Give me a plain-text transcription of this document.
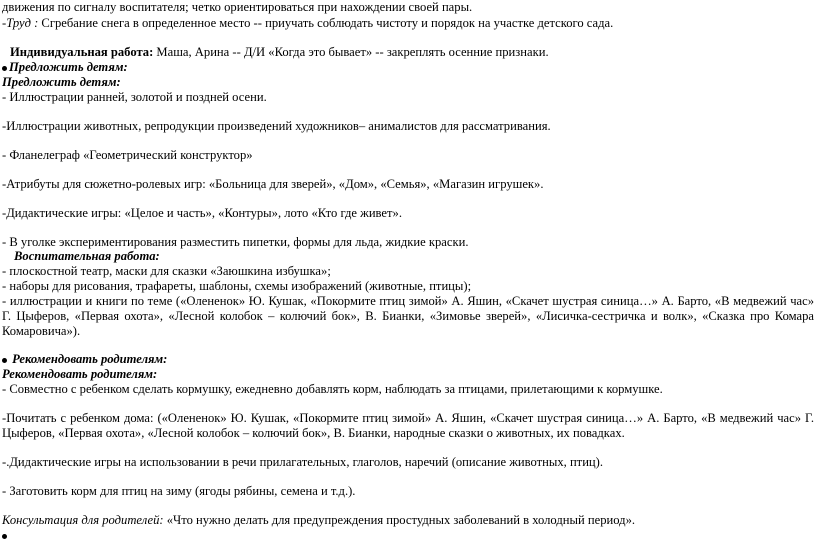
движения по сигналу воспитателя; четко ориентироваться при нахождении своей пары.
-Труд : Сгребание снега в определенное место -- приучать соблюдать чистоту и порядок на участке детского сада.
Индивидуальная работа: Маша, Арина -- Д/И «Когда это бывает» -- закреплять осенние признаки.
Предложить детям:
Предложить детям:
- Иллюстрации ранней, золотой и поздней осени.
-Иллюстрации животных, репродукции произведений художников– анималистов для рассматривания.
- Фланелеграф «Геометрический конструктор»
-Атрибуты для сюжетно-ролевых игр: «Больница для зверей», «Дом», «Семья», «Магазин игрушек».
-Дидактические игры: «Целое и часть», «Контуры», лото «Кто где живет».
- В уголке экспериментирования разместить пипетки, формы для льда, жидкие краски.
Воспитательная работа:
- плоскостной театр, маски для сказки «Заюшкина избушка»;
- наборы для рисования, трафареты, шаблоны, схемы изображений (животные, птицы);
- иллюстрации и книги по теме («Олененок» Ю. Кушак, «Покормите птиц зимой» А. Яшин, «Скачет шустрая синица…» А. Барто, «В медвежий час» Г. Цыферов, «Первая охота», «Лесной колобок – колючий бок», В. Бианки, «Зимовье зверей», «Лисичка-сестричка и волк», «Сказка про Комара Комаровича»).
Рекомендовать родителям:
Рекомендовать родителям:
- Совместно с ребенком сделать кормушку, ежедневно добавлять корм, наблюдать за птицами, прилетающими к кормушке.
-Почитать с ребенком дома: («Олененок» Ю. Кушак, «Покормите птиц зимой» А. Яшин, «Скачет шустрая синица…» А. Барто, «В медвежий час» Г. Цыферов, «Первая охота», «Лесной колобок – колючий бок», В. Бианки, народные сказки о животных, их повадках.
-.Дидактические игры на использовании в речи прилагательных, глаголов, наречий (описание животных, птиц).
- Заготовить корм для птиц на зиму (ягоды рябины, семена и т.д.).
Консультация для родителей: «Что нужно делать для предупреждения простудных заболеваний в холодный период».
